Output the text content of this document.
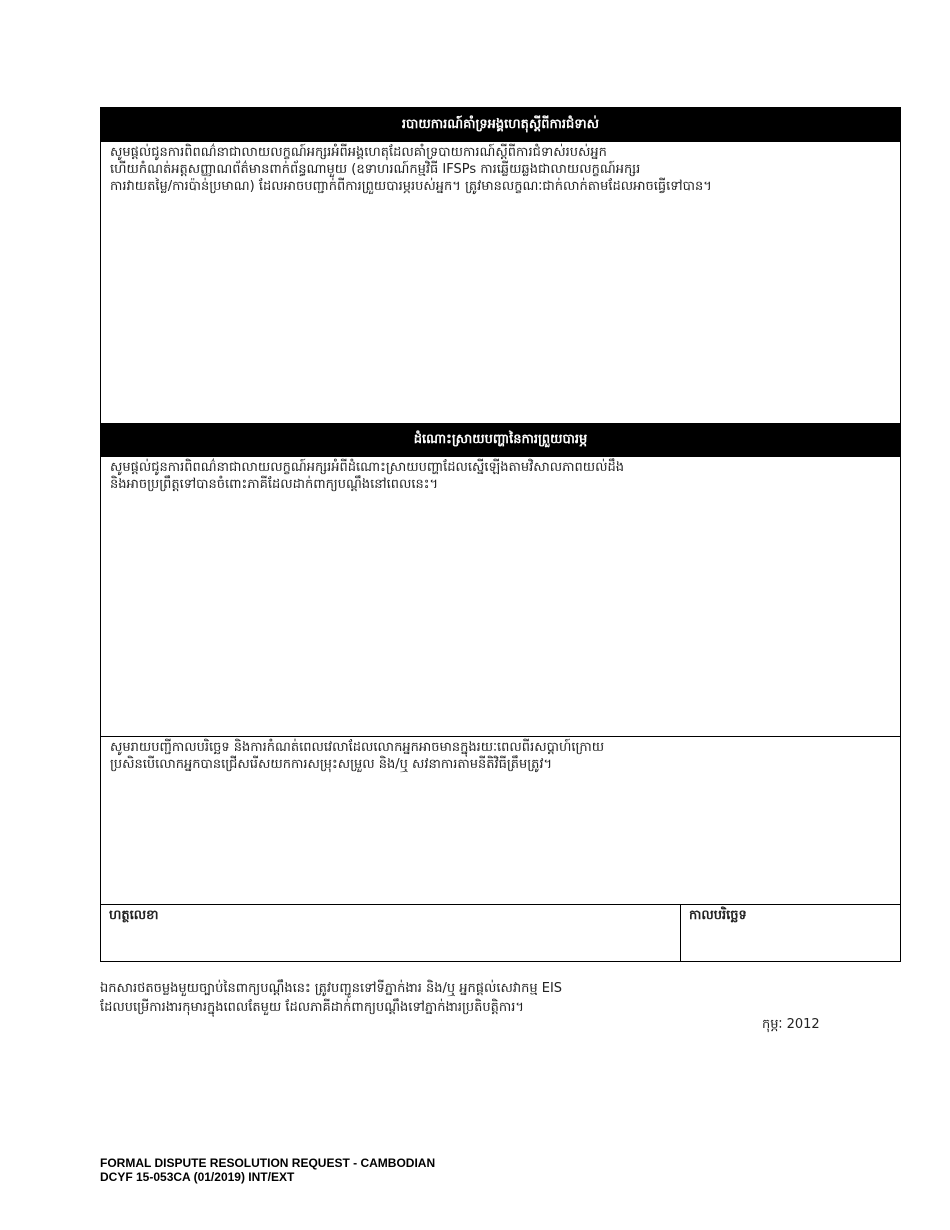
របាយការណ៍គាំទ្រអង្គហេតុស្ដីពីការជំទាស់

សូមផ្ដល់ជូនការពិពណ៌នាជាលាយលក្ខណ៍អក្សរអំពីអង្គហេតុដែលគាំទ្របាយការណ៍ស្ដីពីការជំទាស់របស់អ្នក
ហើយកំណត់អត្តសញ្ញាណព័ត៌មានពាក់ព័ន្ធណាមួយ (ឧទាហរណ៍កម្មវិធី IFSPs ការឆ្លើយឆ្លងជាលាយលក្ខណ៍អក្សរ
ការវាយតម្លៃ/ការប៉ាន់ប្រមាណ) ដែលអាចបញ្ជាក់ពីការព្រួយបារម្ភរបស់អ្នក។ ត្រូវមានលក្ខណៈជាក់លាក់តាមដែលអាចធ្វើទៅបាន។

ដំណោះស្រាយបញ្ហានៃការព្រួយបារម្ភ

សូមផ្ដល់ជូនការពិពណ៌នាជាលាយលក្ខណ៍អក្សរអំពីដំណោះស្រាយបញ្ហាដែលស្នើឡើងតាមវិសាលភាពយល់ដឹង
និងអាចប្រព្រឹត្តទៅបានចំពោះភាគីដែលដាក់ពាក្យបណ្ដឹងនៅពេលនេះ។

សូមរាយបញ្ជីកាលបរិច្ឆេទ និងការកំណត់ពេលវេលាដែលលោកអ្នកអាចមានក្នុងរយៈពេលពីរសប្ដាហ៍ក្រោយ
ប្រសិនបើលោកអ្នកបានជ្រើសរើសយកការសម្រុះសម្រួល និង/ឬ សវនាការតាមនីតិវិធីត្រឹមត្រូវ។

ហត្ថលេខា	កាលបរិច្ឆេទ

ឯកសារថតចម្លងមួយច្បាប់នៃពាក្យបណ្ដឹងនេះ ត្រូវបញ្ជូនទៅទីភ្នាក់ងារ និង/ឬ អ្នកផ្ដល់សេវាកម្ម EIS
ដែលបម្រើការងារកុមារក្នុងពេលតែមួយ ដែលភាគីដាក់ពាក្យបណ្ដឹងទៅភ្នាក់ងារប្រតិបត្តិការ។

កុម្ភៈ 2012
FORMAL DISPUTE RESOLUTION REQUEST - CAMBODIAN
DCYF 15-053CA (01/2019) INT/EXT
